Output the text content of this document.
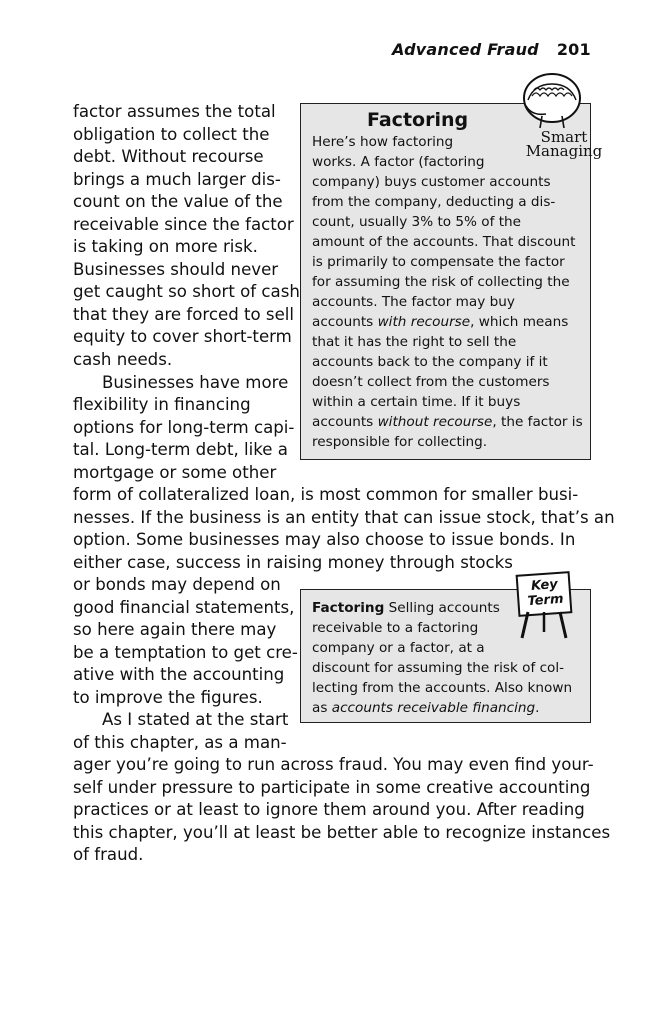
Advanced Fraud 201
factor assumes the total
obligation to collect the
debt. Without recourse
brings a much larger dis-
count on the value of the
receivable since the factor
is taking on more risk.
Businesses should never
get caught so short of cash
that they are forced to sell
equity to cover short-term
cash needs.
Businesses have more
flexibility in financing
options for long-term capi-
tal. Long-term debt, like a
mortgage or some other
form of collateralized loan, is most common for smaller busi-
nesses. If the business is an entity that can issue stock, that’s an
option. Some businesses may also choose to issue bonds. In
either case, success in raising money through stocks
or bonds may depend on
good financial statements,
so here again there may
be a temptation to get cre-
ative with the accounting
to improve the figures.
As I stated at the start
of this chapter, as a man-
ager you’re going to run across fraud. You may even find your-
self under pressure to participate in some creative accounting
practices or at least to ignore them around you. After reading
this chapter, you’ll at least be better able to recognize instances
of fraud.
Factoring
Here’s how factoring
works. A factor (factoring
company) buys customer accounts
from the company, deducting a dis-
count, usually 3% to 5% of the
amount of the accounts. That discount
is primarily to compensate the factor
for assuming the risk of collecting the
accounts. The factor may buy
accounts with recourse, which means
that it has the right to sell the
accounts back to the company if it
doesn’t collect from the customers
within a certain time. If it buys
accounts without recourse, the factor is
responsible for collecting.
Smart
Managing
Factoring Selling accounts
receivable to a factoring
company or a factor, at a
discount for assuming the risk of col-
lecting from the accounts. Also known
as accounts receivable financing.
Key
Term
